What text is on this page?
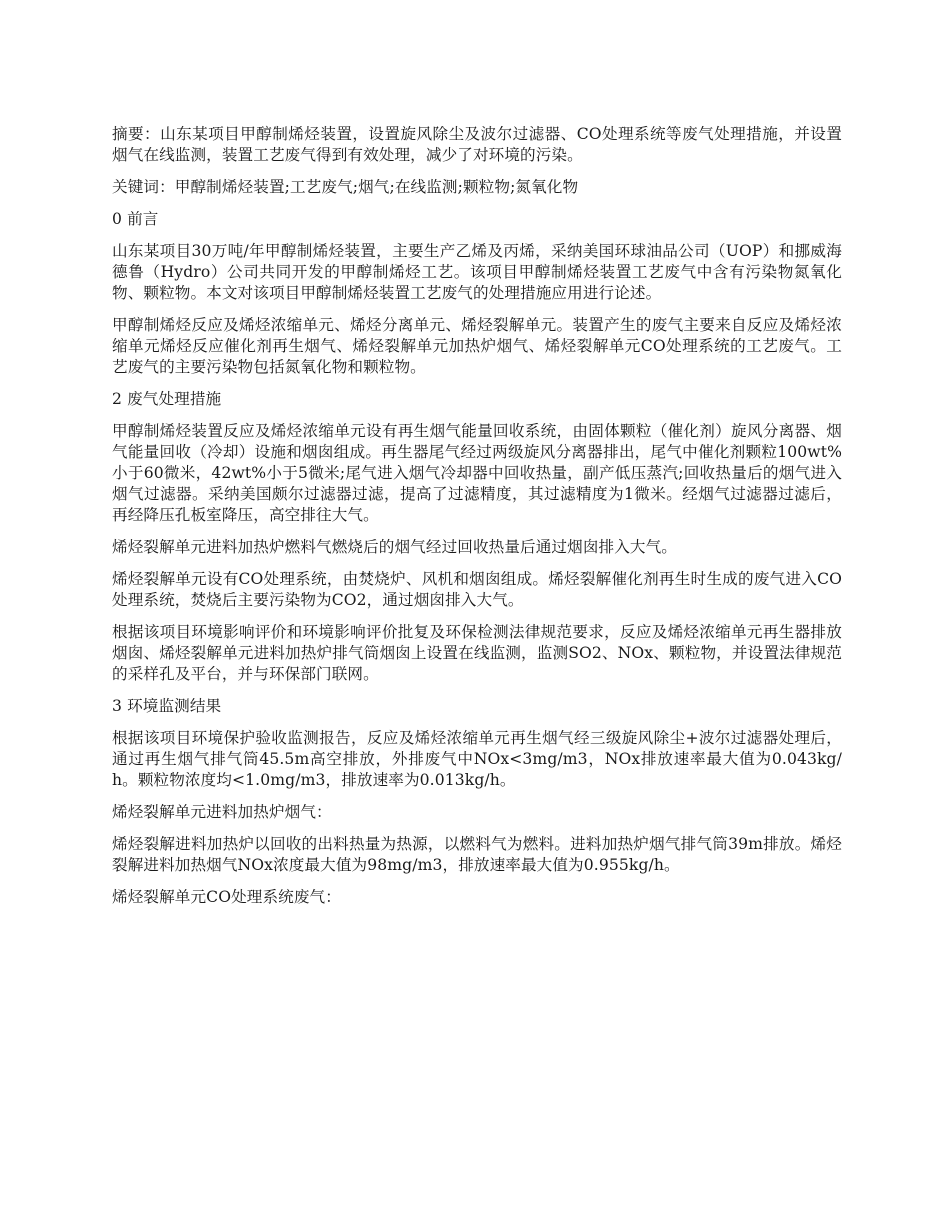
摘要：山东某项目甲醇制烯烃装置，设置旋风除尘及波尔过滤器、CO处理系统等废气处理措施，并设置烟气在线监测，装置工艺废气得到有效处理，减少了对环境的污染。

关键词：甲醇制烯烃装置;工艺废气;烟气;在线监测;颗粒物;氮氧化物

0 前言

山东某项目30万吨/年甲醇制烯烃装置，主要生产乙烯及丙烯，采纳美国环球油品公司（UOP）和挪威海德鲁（Hydro）公司共同开发的甲醇制烯烃工艺。该项目甲醇制烯烃装置工艺废气中含有污染物氮氧化物、颗粒物。本文对该项目甲醇制烯烃装置工艺废气的处理措施应用进行论述。

甲醇制烯烃反应及烯烃浓缩单元、烯烃分离单元、烯烃裂解单元。装置产生的废气主要来自反应及烯烃浓缩单元烯烃反应催化剂再生烟气、烯烃裂解单元加热炉烟气、烯烃裂解单元CO处理系统的工艺废气。工艺废气的主要污染物包括氮氧化物和颗粒物。

2 废气处理措施

甲醇制烯烃装置反应及烯烃浓缩单元设有再生烟气能量回收系统，由固体颗粒（催化剂）旋风分离器、烟气能量回收（冷却）设施和烟囱组成。再生器尾气经过两级旋风分离器排出，尾气中催化剂颗粒100wt%小于60微米，42wt%小于5微米;尾气进入烟气冷却器中回收热量，副产低压蒸汽;回收热量后的烟气进入烟气过滤器。采纳美国颇尔过滤器过滤，提高了过滤精度，其过滤精度为1微米。经烟气过滤器过滤后，再经降压孔板室降压，高空排往大气。

烯烃裂解单元进料加热炉燃料气燃烧后的烟气经过回收热量后通过烟囱排入大气。

烯烃裂解单元设有CO处理系统，由焚烧炉、风机和烟囱组成。烯烃裂解催化剂再生时生成的废气进入CO处理系统，焚烧后主要污染物为CO2，通过烟囱排入大气。

根据该项目环境影响评价和环境影响评价批复及环保检测法律规范要求，反应及烯烃浓缩单元再生器排放烟囱、烯烃裂解单元进料加热炉排气筒烟囱上设置在线监测，监测SO2、NOx、颗粒物，并设置法律规范的采样孔及平台，并与环保部门联网。

3 环境监测结果

根据该项目环境保护验收监测报告，反应及烯烃浓缩单元再生烟气经三级旋风除尘+波尔过滤器处理后，通过再生烟气排气筒45.5m高空排放，外排废气中NOx<3mg/m3，NOx排放速率最大值为0.043kg/h。颗粒物浓度均<1.0mg/m3，排放速率为0.013kg/h。

烯烃裂解单元进料加热炉烟气：

烯烃裂解进料加热炉以回收的出料热量为热源，以燃料气为燃料。进料加热炉烟气排气筒39m排放。烯烃裂解进料加热烟气NOx浓度最大值为98mg/m3，排放速率最大值为0.955kg/h。

烯烃裂解单元CO处理系统废气：
